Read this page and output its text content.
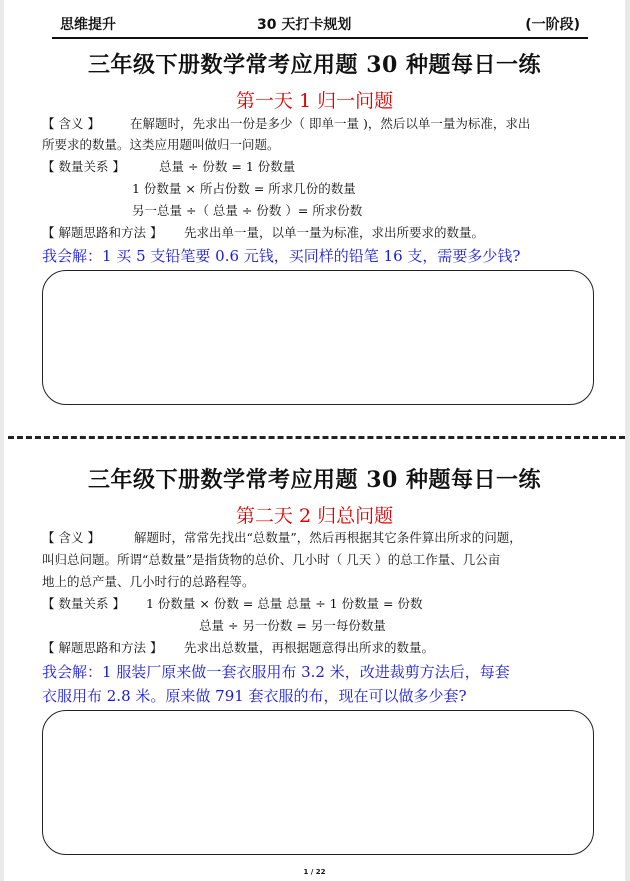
思维提升	30 天打卡规划	(一阶段)
三年级下册数学常考应用题 30 种题每日一练
第一天 1 归一问题
【 含义 】 在解题时，先求出一份是多少（ 即单一量 )，然后以单一量为标准，求出
所要求的数量。这类应用题叫做归一问题。
【 数量关系 】	总量 ÷ 份数 = 1 份数量
1 份数量 × 所占份数 = 所求几份的数量
另一总量 ÷（ 总量 ÷ 份数 ）= 所求份数
【 解题思路和方法 】 先求出单一量，以单一量为标准，求出所要求的数量。
我会解：1 买 5 支铅笔要 0.6 元钱，买同样的铅笔 16 支，需要多少钱?
三年级下册数学常考应用题 30 种题每日一练
第二天 2 归总问题
【 含义 】	解题时，常常先找出“总数量”，然后再根据其它条件算出所求的问题，
叫归总问题。所谓“总数量”是指货物的总价、几小时（ 几天 ）的总工作量、几公亩
地上的总产量、几小时行的总路程等。
【 数量关系 】 1 份数量 × 份数 = 总量 总量 ÷ 1 份数量 = 份数
总量 ÷ 另一份数 = 另一每份数量
【 解题思路和方法 】 先求出总数量，再根据题意得出所求的数量。
我会解：1 服装厂原来做一套衣服用布 3.2 米，改进裁剪方法后，每套
衣服用布 2.8 米。原来做 791 套衣服的布，现在可以做多少套?
1 / 22
